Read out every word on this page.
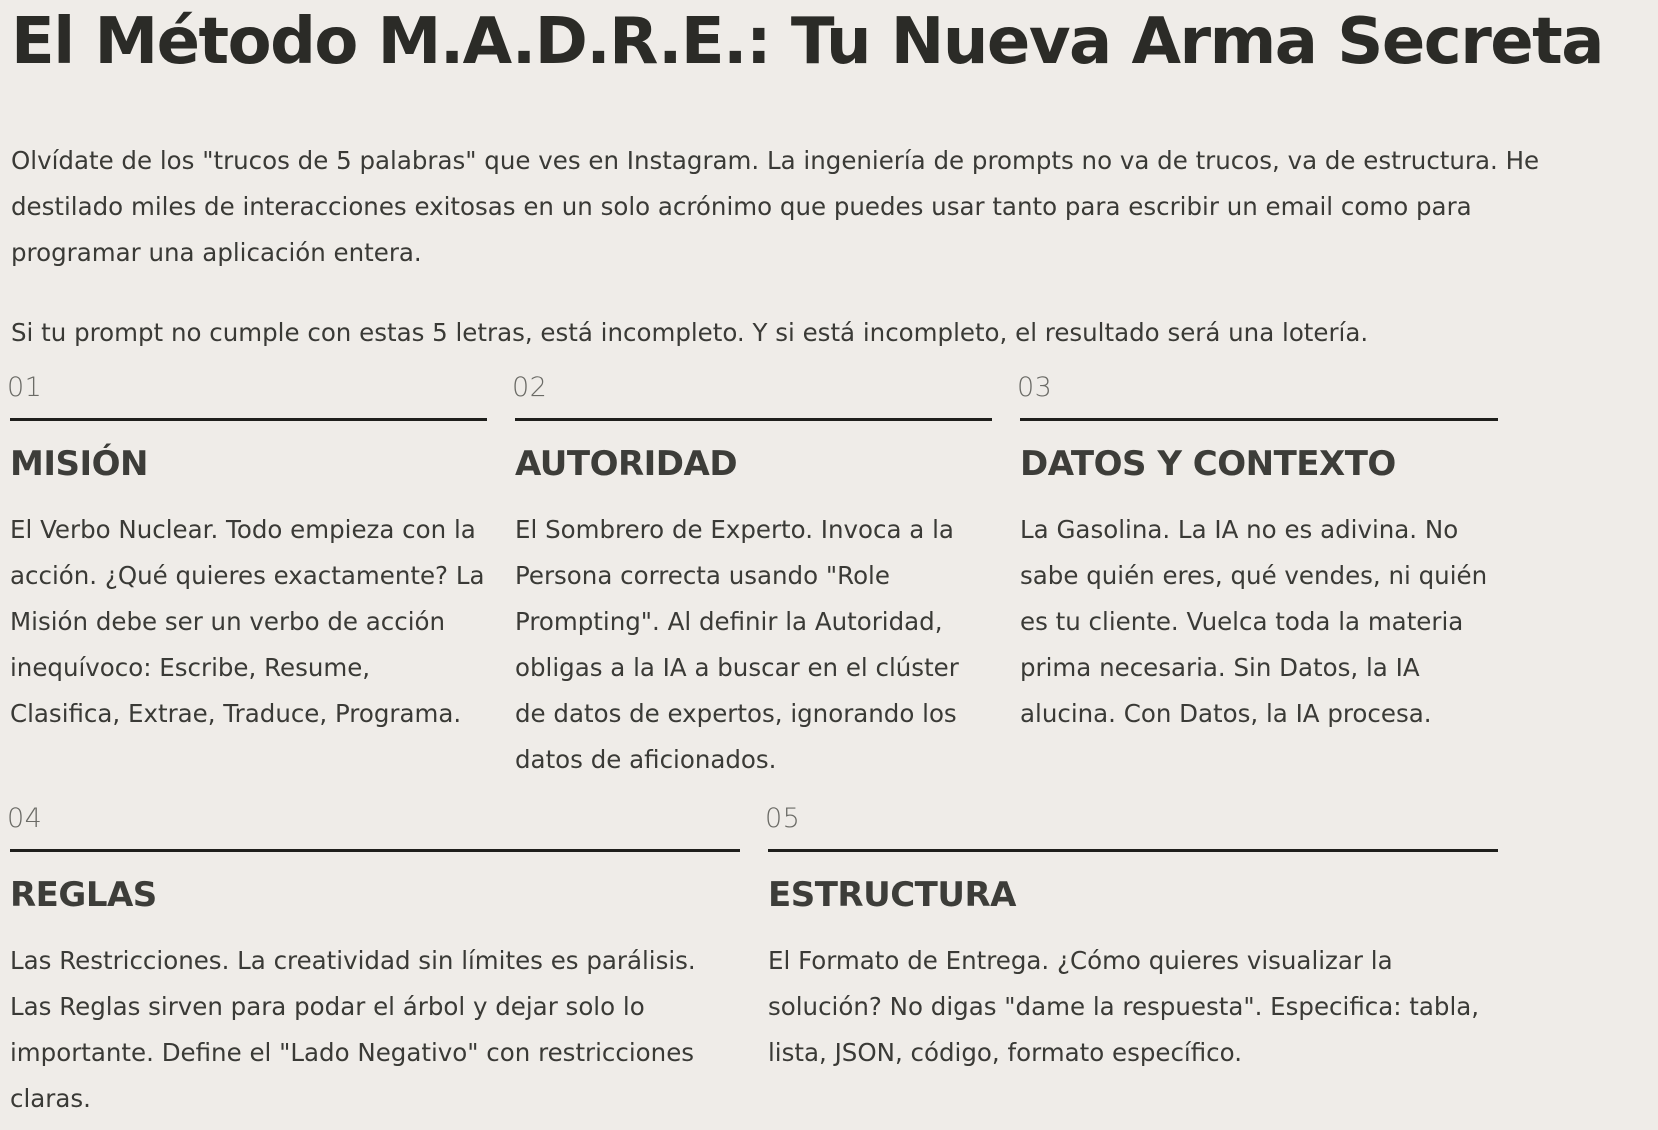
El Método M.A.D.R.E.: Tu Nueva Arma Secreta

Olvídate de los "trucos de 5 palabras" que ves en Instagram. La ingeniería de prompts no va de trucos, va de estructura. He destilado miles de interacciones exitosas en un solo acrónimo que puedes usar tanto para escribir un email como para programar una aplicación entera.

Si tu prompt no cumple con estas 5 letras, está incompleto. Y si está incompleto, el resultado será una lotería.

01
MISIÓN
El Verbo Nuclear. Todo empieza con la acción. ¿Qué quieres exactamente? La Misión debe ser un verbo de acción inequívoco: Escribe, Resume, Clasifica, Extrae, Traduce, Programa.
02
AUTORIDAD
El Sombrero de Experto. Invoca a la Persona correcta usando "Role Prompting". Al definir la Autoridad, obligas a la IA a buscar en el clúster de datos de expertos, ignorando los datos de aficionados.
03
DATOS Y CONTEXTO
La Gasolina. La IA no es adivina. No sabe quién eres, qué vendes, ni quién es tu cliente. Vuelca toda la materia prima necesaria. Sin Datos, la IA alucina. Con Datos, la IA procesa.
04
REGLAS
Las Restricciones. La creatividad sin límites es parálisis. Las Reglas sirven para podar el árbol y dejar solo lo importante. Define el "Lado Negativo" con restricciones claras.
05
ESTRUCTURA
El Formato de Entrega. ¿Cómo quieres visualizar la solución? No digas "dame la respuesta". Especifica: tabla, lista, JSON, código, formato específico.
